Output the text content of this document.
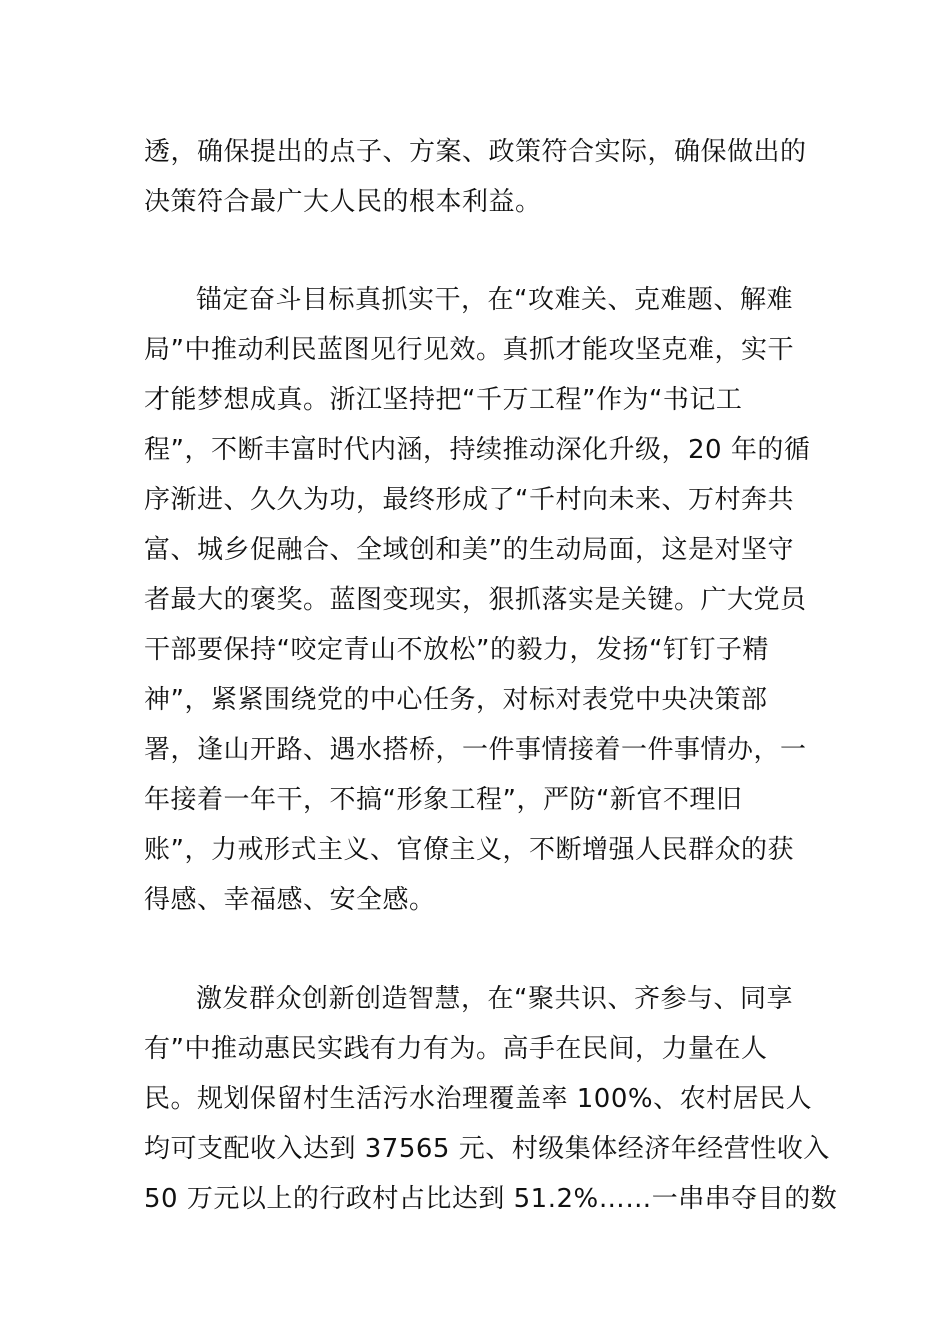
透，确保提出的点子、方案、政策符合实际，确保做出的
决策符合最广大人民的根本利益。
锚定奋斗目标真抓实干，在“攻难关、克难题、解难
局”中推动利民蓝图见行见效。真抓才能攻坚克难，实干
才能梦想成真。浙江坚持把“千万工程”作为“书记工
程”，不断丰富时代内涵，持续推动深化升级，20 年的循
序渐进、久久为功，最终形成了“千村向未来、万村奔共
富、城乡促融合、全域创和美”的生动局面，这是对坚守
者最大的褒奖。蓝图变现实，狠抓落实是关键。广大党员
干部要保持“咬定青山不放松”的毅力，发扬“钉钉子精
神”，紧紧围绕党的中心任务，对标对表党中央决策部
署，逢山开路、遇水搭桥，一件事情接着一件事情办，一
年接着一年干，不搞“形象工程”，严防“新官不理旧
账”，力戒形式主义、官僚主义，不断增强人民群众的获
得感、幸福感、安全感。
激发群众创新创造智慧，在“聚共识、齐参与、同享
有”中推动惠民实践有力有为。高手在民间，力量在人
民。规划保留村生活污水治理覆盖率 100%、农村居民人
均可支配收入达到 37565 元、村级集体经济年经营性收入
50 万元以上的行政村占比达到 51.2%……一串串夺目的数
